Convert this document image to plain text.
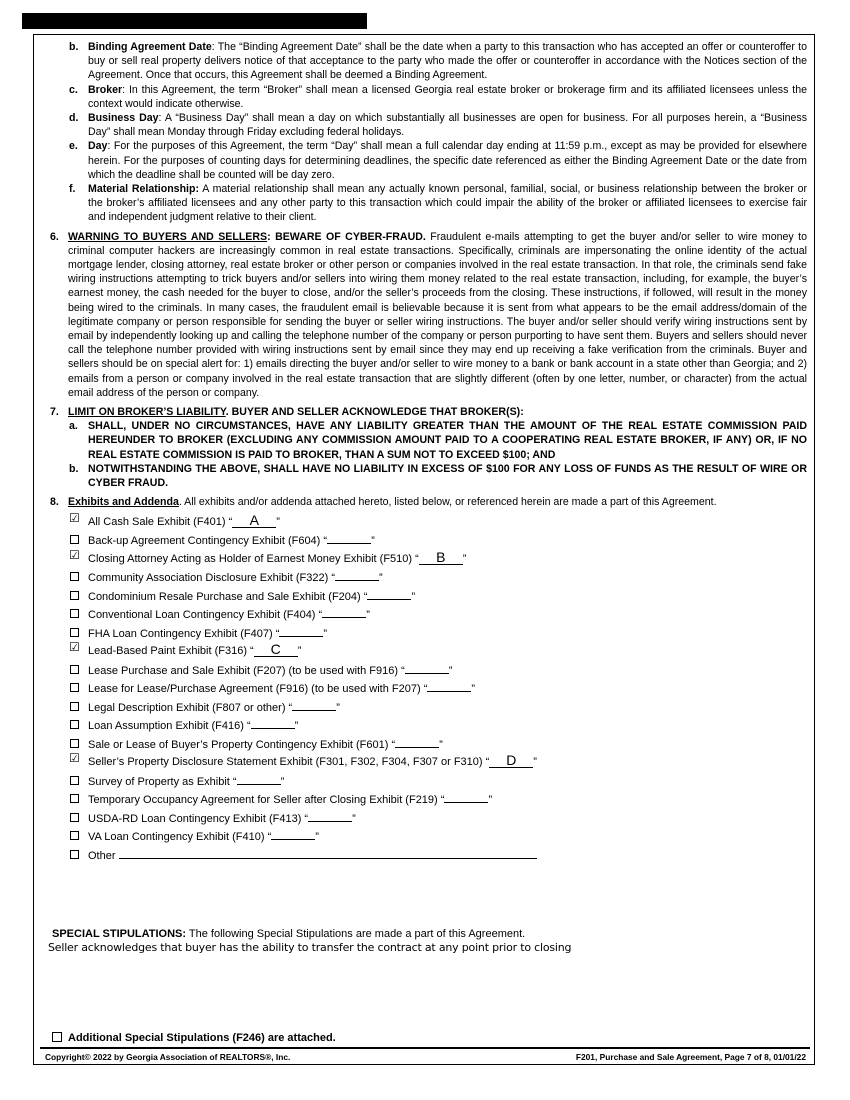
b. Binding Agreement Date: The “Binding Agreement Date” shall be the date when a party to this transaction who has accepted an offer or counteroffer to buy or sell real property delivers notice of that acceptance to the party who made the offer or counteroffer in accordance with the Notices section of the Agreement. Once that occurs, this Agreement shall be deemed a Binding Agreement.
c. Broker: In this Agreement, the term “Broker” shall mean a licensed Georgia real estate broker or brokerage firm and its affiliated licensees unless the context would indicate otherwise.
d. Business Day: A “Business Day” shall mean a day on which substantially all businesses are open for business. For all purposes herein, a “Business Day” shall mean Monday through Friday excluding federal holidays.
e. Day: For the purposes of this Agreement, the term “Day” shall mean a full calendar day ending at 11:59 p.m., except as may be provided for elsewhere herein. For the purposes of counting days for determining deadlines, the specific date referenced as either the Binding Agreement Date or the date from which the deadline shall be counted will be day zero.
f. Material Relationship: A material relationship shall mean any actually known personal, familial, social, or business relationship between the broker or the broker’s affiliated licensees and any other party to this transaction which could impair the ability of the broker or affiliated licensees to exercise fair and independent judgment relative to their client.
6. WARNING TO BUYERS AND SELLERS: BEWARE OF CYBER-FRAUD. Fraudulent e-mails attempting to get the buyer and/or seller to wire money to criminal computer hackers are increasingly common in real estate transactions. Specifically, criminals are impersonating the online identity of the actual mortgage lender, closing attorney, real estate broker or other person or companies involved in the real estate transaction. In that role, the criminals send fake wiring instructions attempting to trick buyers and/or sellers into wiring them money related to the real estate transaction, including, for example, the buyer’s earnest money, the cash needed for the buyer to close, and/or the seller’s proceeds from the closing. These instructions, if followed, will result in the money being wired to the criminals. In many cases, the fraudulent email is believable because it is sent from what appears to be the email address/domain of the legitimate company or person responsible for sending the buyer or seller wiring instructions. The buyer and/or seller should verify wiring instructions sent by email by independently looking up and calling the telephone number of the company or person purporting to have sent them. Buyers and sellers should never call the telephone number provided with wiring instructions sent by email since they may end up receiving a fake verification from the criminals. Buyer and sellers should be on special alert for: 1) emails directing the buyer and/or seller to wire money to a bank or bank account in a state other than Georgia; and 2) emails from a person or company involved in the real estate transaction that are slightly different (often by one letter, number, or character) from the actual email address of the person or company.
7. LIMIT ON BROKER’S LIABILITY. BUYER AND SELLER ACKNOWLEDGE THAT BROKER(S):
a. SHALL, UNDER NO CIRCUMSTANCES, HAVE ANY LIABILITY GREATER THAN THE AMOUNT OF THE REAL ESTATE COMMISSION PAID HEREUNDER TO BROKER (EXCLUDING ANY COMMISSION AMOUNT PAID TO A COOPERATING REAL ESTATE BROKER, IF ANY) OR, IF NO REAL ESTATE COMMISSION IS PAID TO BROKER, THAN A SUM NOT TO EXCEED $100; AND
b. NOTWITHSTANDING THE ABOVE, SHALL HAVE NO LIABILITY IN EXCESS OF $100 FOR ANY LOSS OF FUNDS AS THE RESULT OF WIRE OR CYBER FRAUD.
8. Exhibits and Addenda. All exhibits and/or addenda attached hereto, listed below, or referenced herein are made a part of this Agreement.
☑ All Cash Sale Exhibit (F401) “ A ”
Back-up Agreement Contingency Exhibit (F604) “	”
☑ Closing Attorney Acting as Holder of Earnest Money Exhibit (F510) “ B ”
Community Association Disclosure Exhibit (F322) “	”
Condominium Resale Purchase and Sale Exhibit (F204) “	”
Conventional Loan Contingency Exhibit (F404) “	”
FHA Loan Contingency Exhibit (F407) “	”
☑ Lead-Based Paint Exhibit (F316) “ C ”
Lease Purchase and Sale Exhibit (F207) (to be used with F916) “	”
Lease for Lease/Purchase Agreement (F916) (to be used with F207) “	”
Legal Description Exhibit (F807 or other) “	”
Loan Assumption Exhibit (F416) “	”
Sale or Lease of Buyer’s Property Contingency Exhibit (F601) “	”
☑ Seller’s Property Disclosure Statement Exhibit (F301, F302, F304, F307 or F310) “ D ”
Survey of Property as Exhibit “	”
Temporary Occupancy Agreement for Seller after Closing Exhibit (F219) “	”
USDA-RD Loan Contingency Exhibit (F413) “	”
VA Loan Contingency Exhibit (F410) “	”
Other
SPECIAL STIPULATIONS: The following Special Stipulations are made a part of this Agreement.
Seller acknowledges that buyer has the ability to transfer the contract at any point prior to closing
Additional Special Stipulations (F246) are attached.
Copyright© 2022 by Georgia Association of REALTORS®, Inc.	F201, Purchase and Sale Agreement, Page 7 of 8, 01/01/22
